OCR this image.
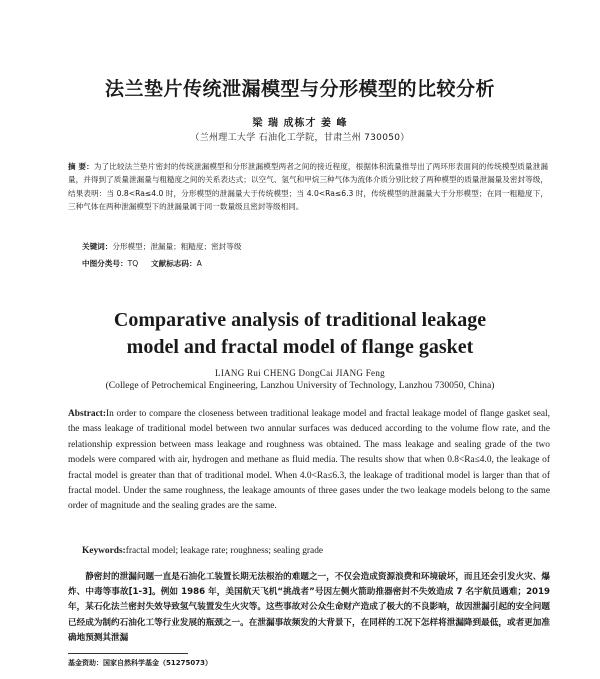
法兰垫片传统泄漏模型与分形模型的比较分析
梁 瑞 成栋才 姜 峰
（兰州理工大学 石油化工学院，甘肃兰州 730050）
摘 要：为了比较法兰垫片密封的传统泄漏模型和分形泄漏模型两者之间的接近程度，根据体积流量推导出了两环形表面间的传统模型质量泄漏量，并得到了质量泄漏量与粗糙度之间的关系表达式；以空气、氢气和甲烷三种气体为流体介质分别比较了两种模型的质量泄漏量及密封等级，结果表明：当 0.8<Ra≤4.0 时，分形模型的泄漏量大于传统模型；当 4.0<Ra≤6.3 时，传统模型的泄漏量大于分形模型；在同一粗糙度下，三种气体在两种泄漏模型下的泄漏量属于同一数量级且密封等级相同。
关键词：分形模型；泄漏量；粗糙度；密封等级
中图分类号：TQ 文献标志码：A
Comparative analysis of traditional leakage
model and fractal model of flange gasket
LIANG Rui CHENG DongCai JIANG Feng
(College of Petrochemical Engineering, Lanzhou University of Technology, Lanzhou 730050, China)
Abstract:In order to compare the closeness between traditional leakage model and fractal leakage model of flange gasket seal, the mass leakage of traditional model between two annular surfaces was deduced according to the volume flow rate, and the relationship expression between mass leakage and roughness was obtained. The mass leakage and sealing grade of the two models were compared with air, hydrogen and methane as fluid media. The results show that when 0.8<Ra≤4.0, the leakage of fractal model is greater than that of traditional model. When 4.0<Ra≤6.3, the leakage of traditional model is larger than that of fractal model. Under the same roughness, the leakage amounts of three gases under the two leakage models belong to the same order of magnitude and the sealing grades are the same.
Keywords:fractal model; leakage rate; roughness; sealing grade
静密封的泄漏问题一直是石油化工装置长期无法根治的难题之一，不仅会造成资源浪费和环境破坏，而且还会引发火灾、爆炸、中毒等事故[1-3]。例如 1986 年，美国航天飞机“挑战者”号因左侧火箭助推器密封不失效造成 7 名宇航员遇难；2019 年，某石化法兰密封失效导致氢气装置发生火灾等。这些事故对公众生命财产造成了极大的不良影响，故因泄漏引起的安全问题已经成为制约石油化工等行业发展的瓶颈之一。在泄漏事故频发的大背景下，在同样的工况下怎样将泄漏降到最低，或者更加准确地预测其泄漏
基金资助：国家自然科学基金（51275073）
